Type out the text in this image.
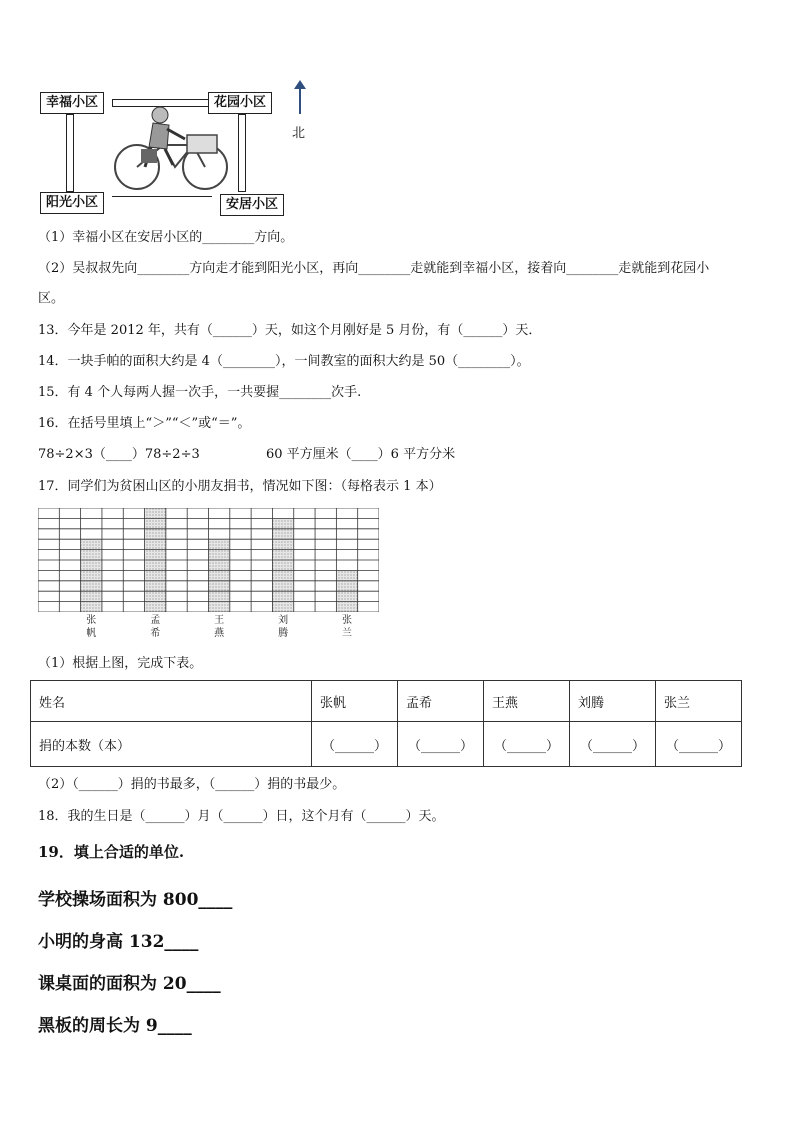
幸福小区	花园小区
阳光小区	安居小区
北
（1）幸福小区在安居小区的________方向。
（2）吴叔叔先向________方向走才能到阳光小区，再向________走就能到幸福小区，接着向________走就能到花园小
区。
13．今年是 2012 年，共有（______）天，如这个月刚好是 5 月份，有（______）天．
14．一块手帕的面积大约是 4（________），一间教室的面积大约是 50（________）。
15．有 4 个人每两人握一次手，一共要握________次手.
16．在括号里填上“＞”“＜”或“＝”。
78÷2×3（____）78÷2÷3	60 平方厘米（____）6 平方分米
17．同学们为贫困山区的小朋友捐书，情况如下图：（每格表示 1 本）
张
帆
孟
希
王
燕
刘
腾
张
兰
（1）根据上图，完成下表。
姓名	张帆	孟希	王燕	刘腾	张兰
捐的本数（本）	（______）	（______）	（______）	（______）	（______）
（2）（______）捐的书最多，（______）捐的书最少。
18．我的生日是（______）月（______）日，这个月有（______）天。
19．填上合适的单位.
学校操场面积为 800____
小明的身高 132____
课桌面的面积为 20____
黑板的周长为 9____
